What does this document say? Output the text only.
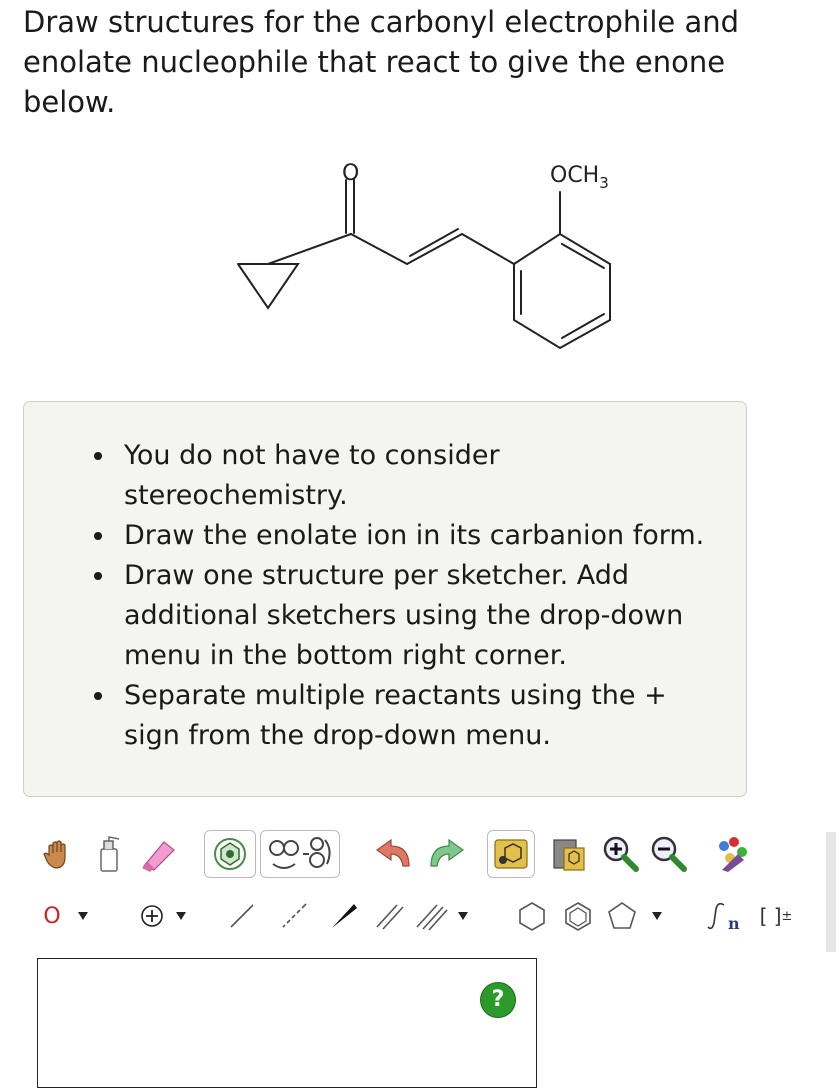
Draw structures for the carbonyl electrophile and
enolate nucleophile that react to give the enone
below.
O	$OCH_3$
You do not have to consider
stereochemistry.
Draw the enolate ion in its carbanion form.
Draw one structure per sketcher. Add
additional sketchers using the drop-down
menu in the bottom right corner.
Separate multiple reactants using the +
sign from the drop-down menu.
O	n [ ] ±
?
